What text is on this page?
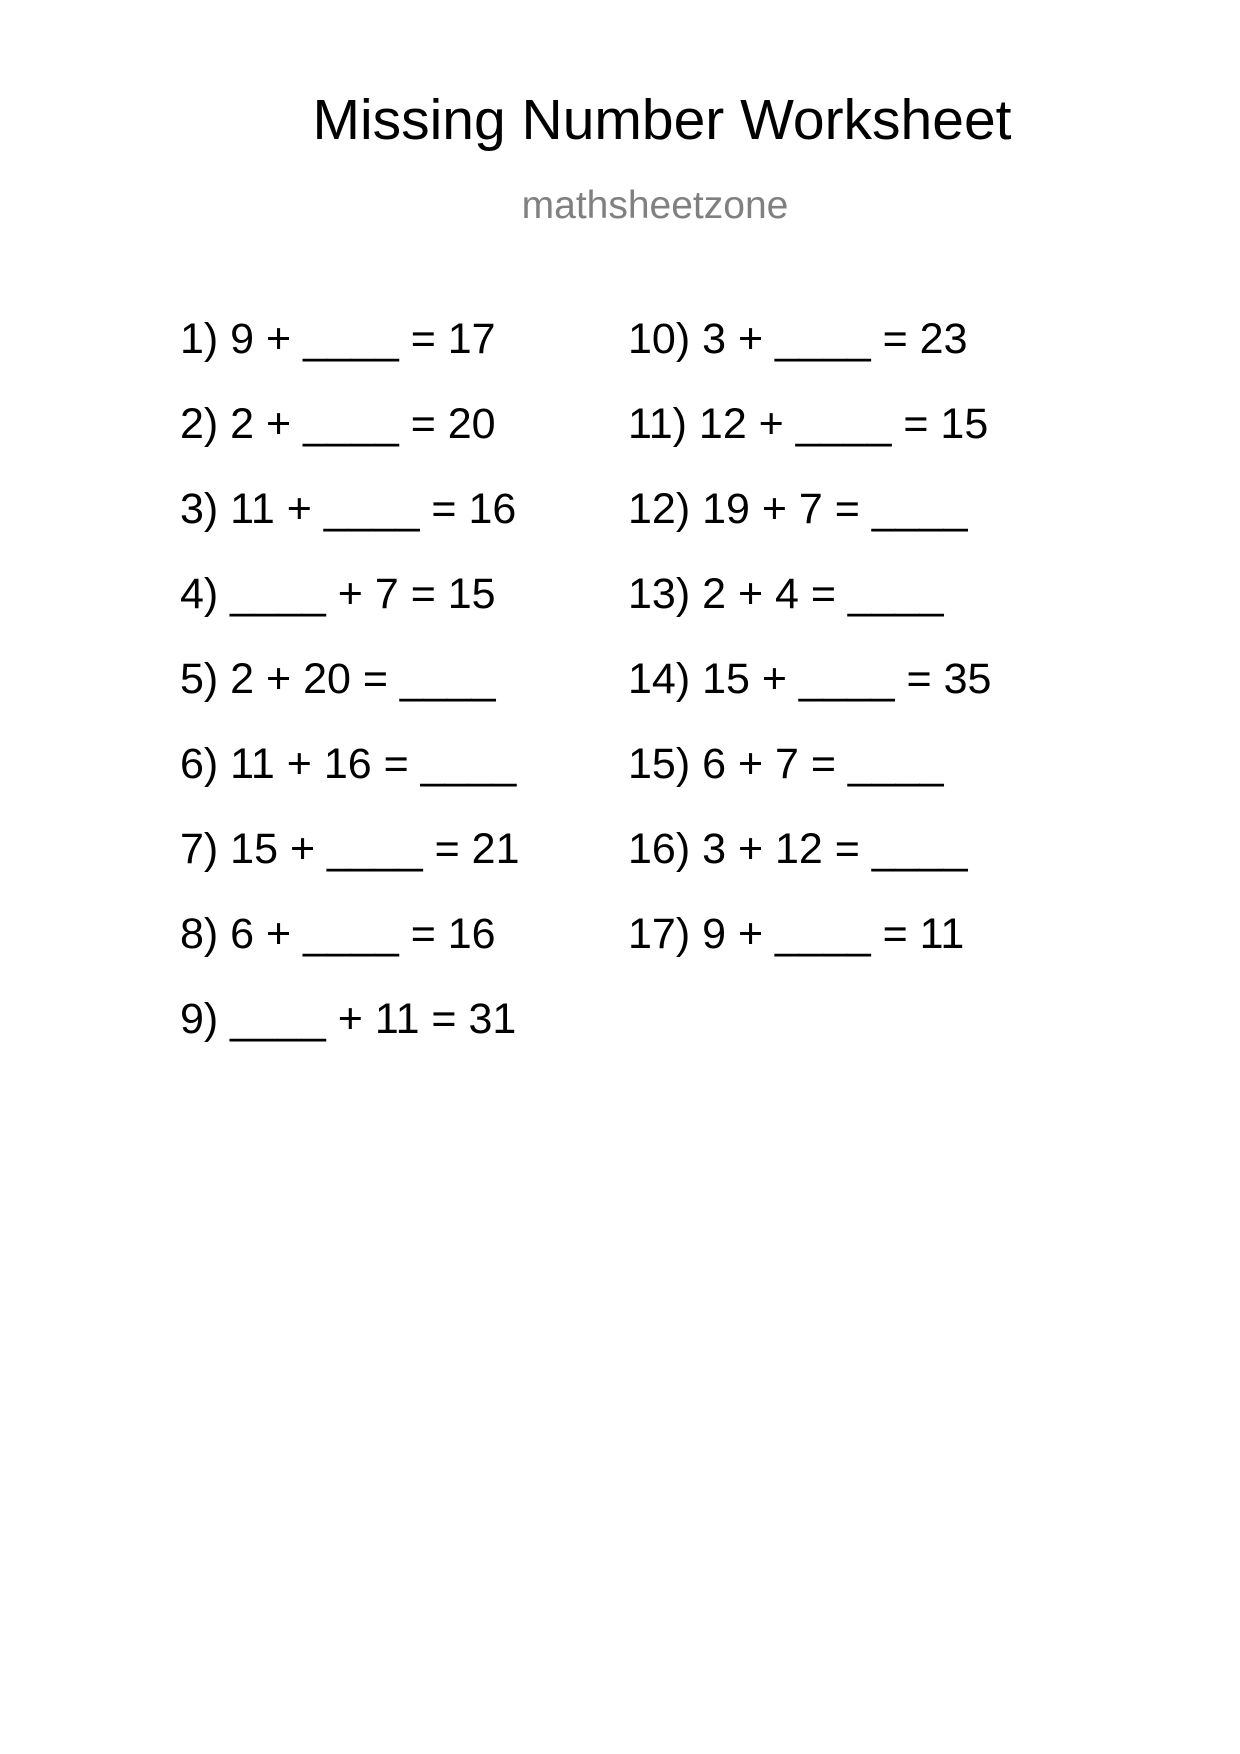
Missing Number Worksheet
mathsheetzone
1) 9 + ____ = 17
2) 2 + ____ = 20
3) 11 + ____ = 16
4) ____ + 7 = 15
5) 2 + 20 = ____
6) 11 + 16 = ____
7) 15 + ____ = 21
8) 6 + ____ = 16
9) ____ + 11 = 31
10) 3 + ____ = 23
11) 12 + ____ = 15
12) 19 + 7 = ____
13) 2 + 4 = ____
14) 15 + ____ = 35
15) 6 + 7 = ____
16) 3 + 12 = ____
17) 9 + ____ = 11
